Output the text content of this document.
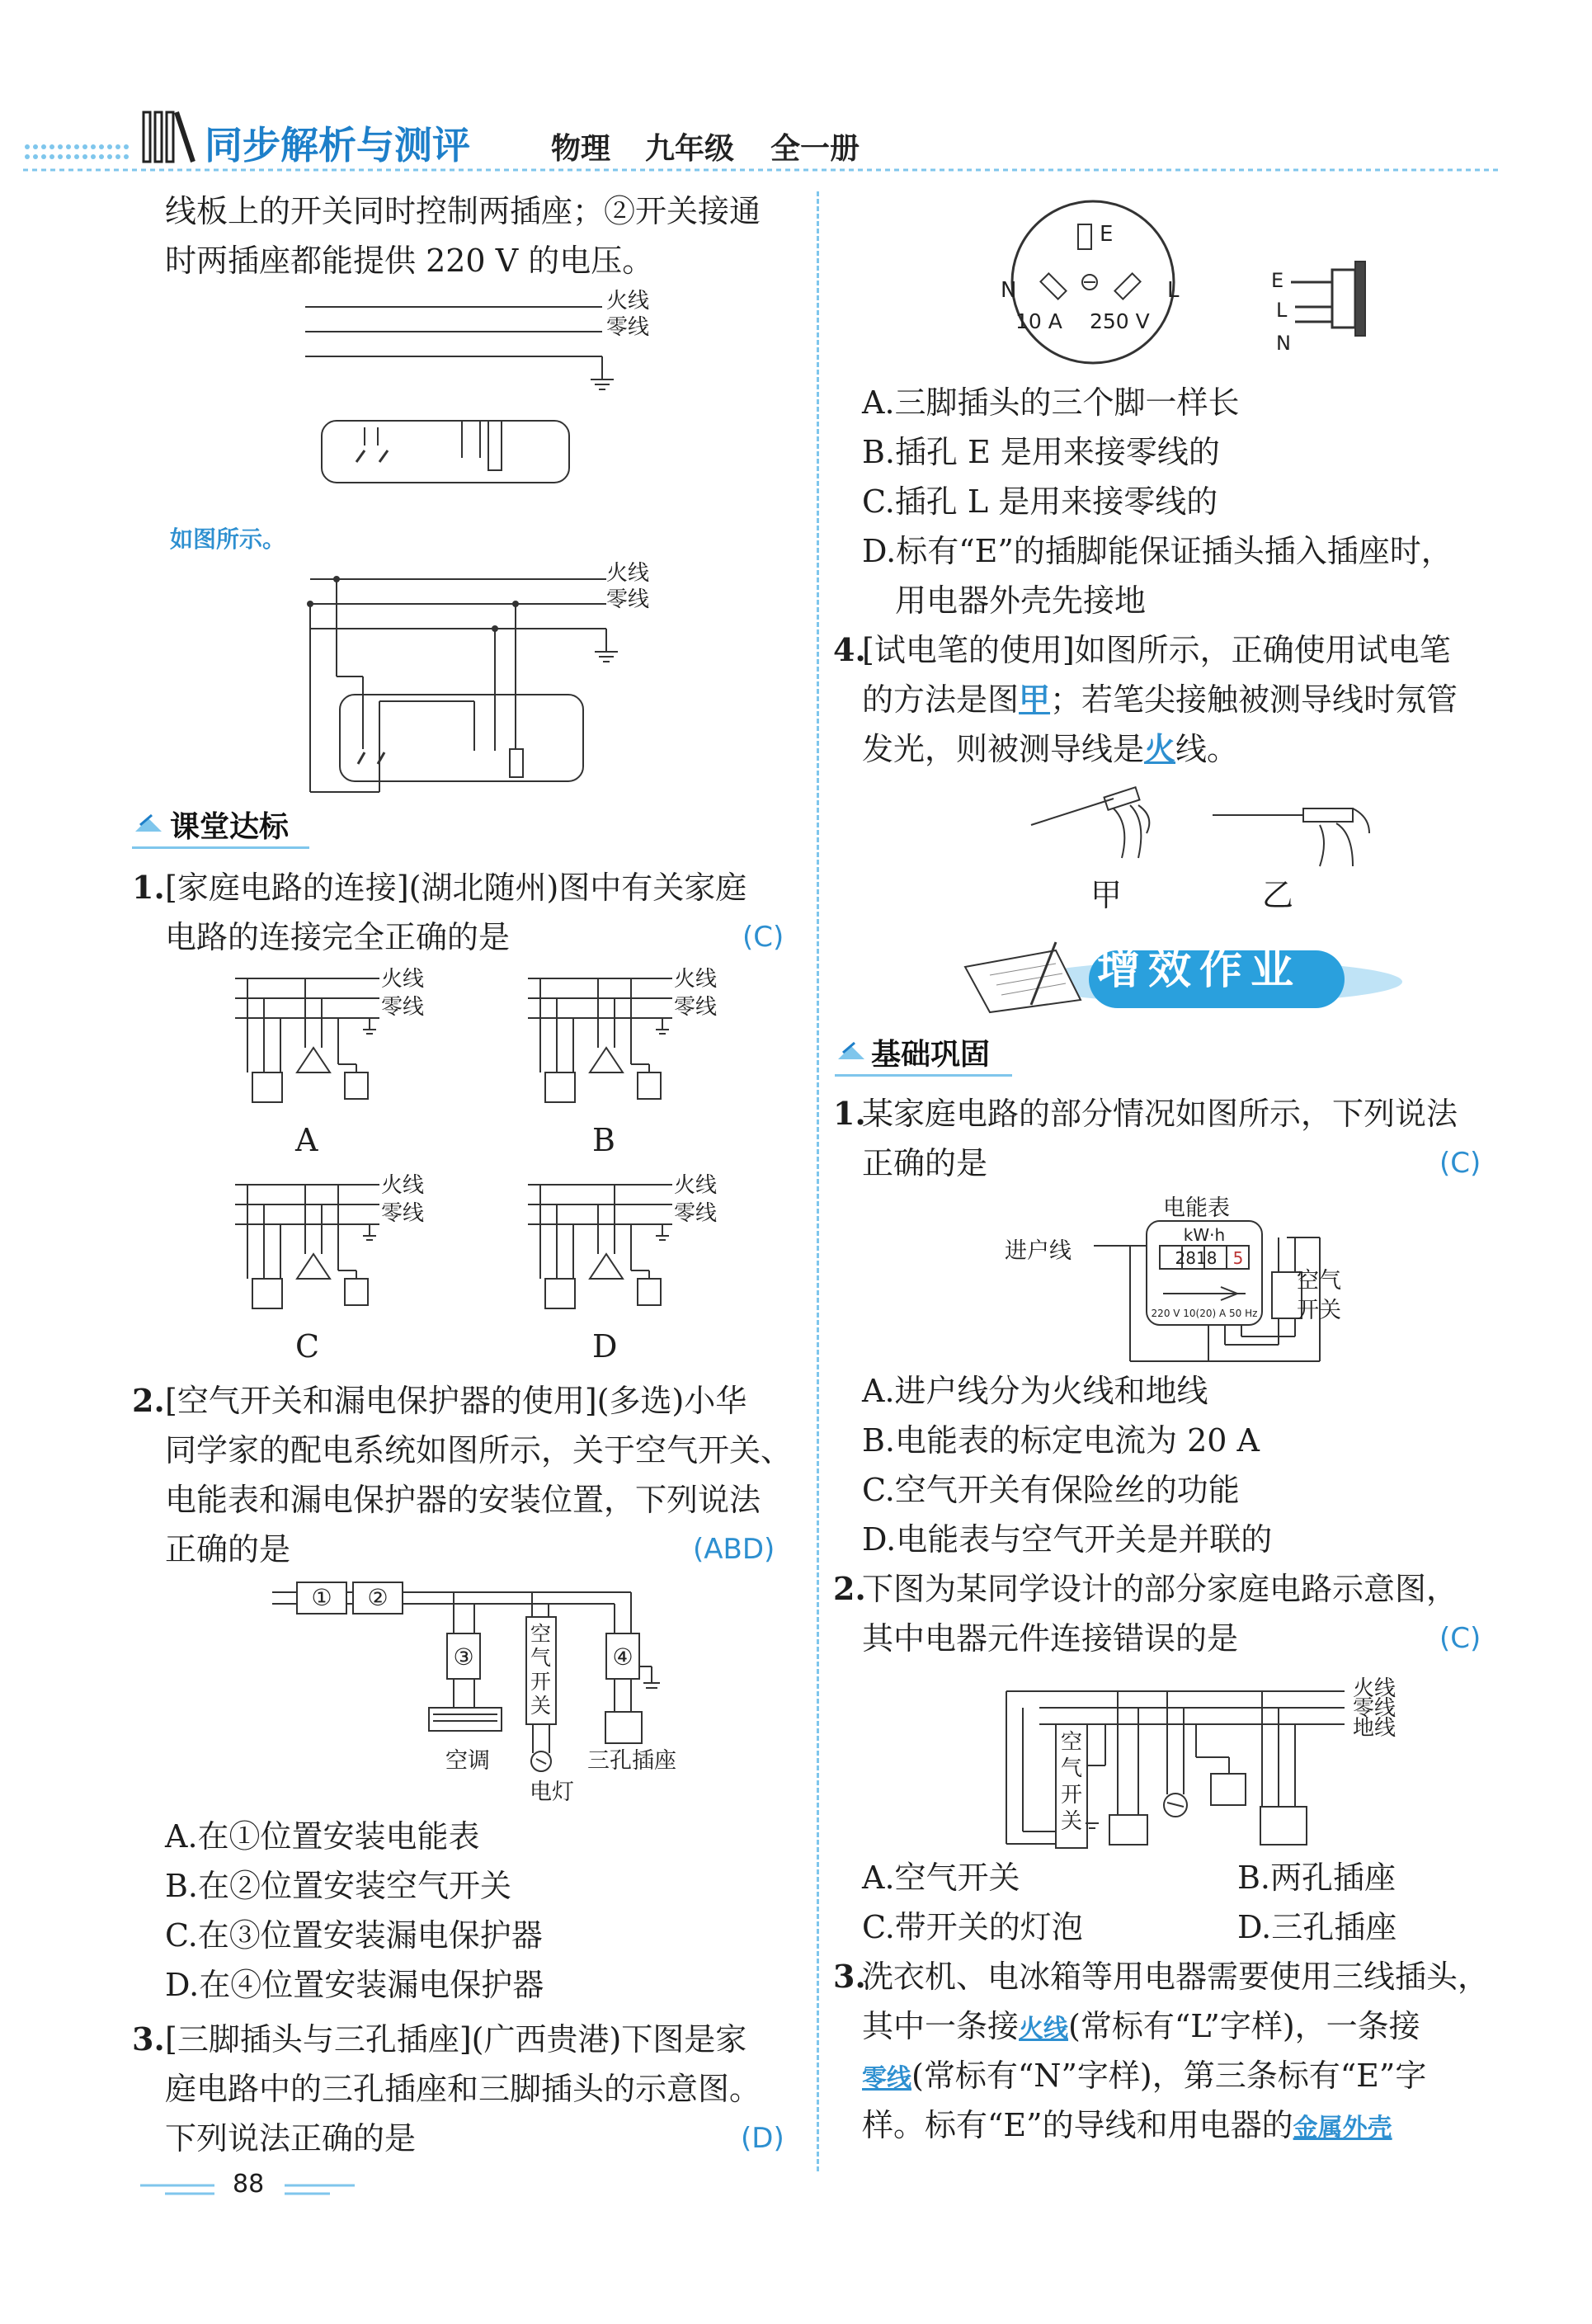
同步解析与测评	物理 九年级 全一册
线板上的开关同时控制两插座；②开关接通
时两插座都能提供 220 V 的电压。
火线
零线
如图所示。
火线
零线
课堂达标
1. [家庭电路的连接](湖北随州)图中有关家庭
电路的连接完全正确的是	(C)
火线
零线
火线
零线
火线
零线
火线
零线
A	B
C	D
2. [空气开关和漏电保护器的使用](多选)小华
同学家的配电系统如图所示，关于空气开关、
电能表和漏电保护器的安装位置，下列说法
正确的是	(ABD)
① ②
③	④
空气开关
空调
电灯
三孔插座
A.在①位置安装电能表
B.在②位置安装空气开关
C.在③位置安装漏电保护器
D.在④位置安装漏电保护器
3. [三脚插头与三孔插座](广西贵港)下图是家
庭电路中的三孔插座和三脚插头的示意图。
下列说法正确的是	(D)
88
E
N	L
10 A 250 V
E
L
N
A.三脚插头的三个脚一样长
B.插孔 E 是用来接零线的
C.插孔 L 是用来接零线的
D.标有“E”的插脚能保证插头插入插座时，
用电器外壳先接地
4.
[试电笔的使用]如图所示，正确使用试电笔
的方法是图甲；若笔尖接触被测导线时氖管
发光，则被测导线是火线。
甲	乙
增效作业
基础巩固
1.
某家庭电路的部分情况如图所示，下列说法
正确的是	(C)
kW·h
2818 5
220 V 10(20) A 50 Hz
电能表
进户线
空气
开关
A.进户线分为火线和地线
B.电能表的标定电流为 20 A
C.空气开关有保险丝的功能
D.电能表与空气开关是并联的
2.
下图为某同学设计的部分家庭电路示意图，
其中电器元件连接错误的是	(C)
火线
零线
地线
空气开关
A.空气开关	B.两孔插座
C.带开关的灯泡	D.三孔插座
3.
洗衣机、电冰箱等用电器需要使用三线插头，
其中一条接火线(常标有“L”字样)，一条接
零线(常标有“N”字样)，第三条标有“E”字
样。标有“E”的导线和用电器的金属外壳
